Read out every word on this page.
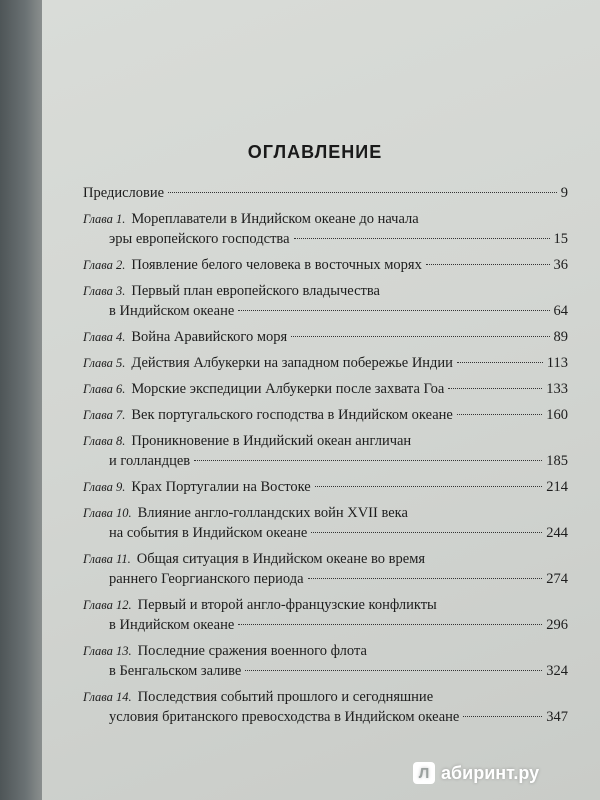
ОГЛАВЛЕНИЕ
Предисловие	9
Глава 1. Мореплаватели в Индийском океане до начала
эры европейского господства	15
Глава 2. Появление белого человека в восточных морях	36
Глава 3. Первый план европейского владычества
в Индийском океане	64
Глава 4. Война Аравийского моря	89
Глава 5. Действия Албукерки на западном побережье Индии	113
Глава 6. Морские экспедиции Албукерки после захвата Гоа	133
Глава 7. Век португальского господства в Индийском океане	160
Глава 8. Проникновение в Индийский океан англичан
и голландцев	185
Глава 9. Крах Португалии на Востоке	214
Глава 10. Влияние англо-голландских войн XVII века
на события в Индийском океане	244
Глава 11. Общая ситуация в Индийском океане во время
раннего Георгианского периода	274
Глава 12. Первый и второй англо-французские конфликты
в Индийском океане	296
Глава 13. Последние сражения военного флота
в Бенгальском заливе	324
Глава 14. Последствия событий прошлого и сегодняшние
условия британского превосходства в Индийском океане	347
Л абиринт.ру
